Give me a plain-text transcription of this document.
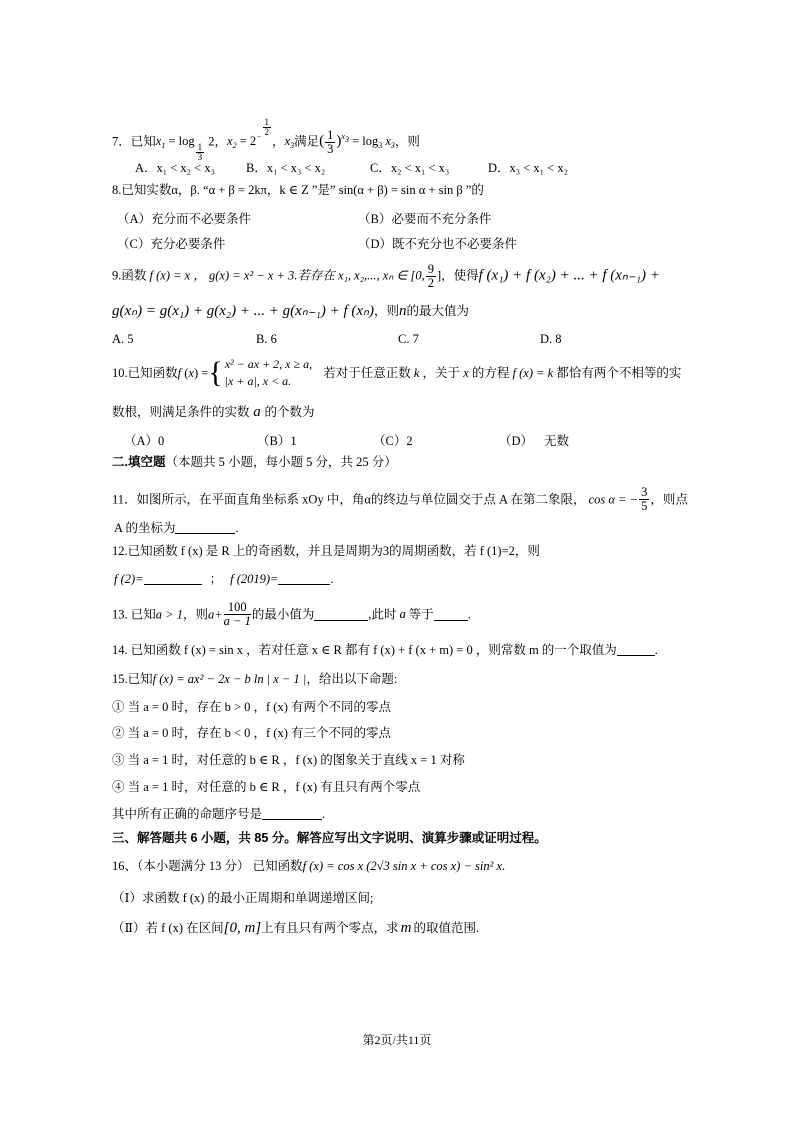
7．已知$x_1 = \log$
$\frac{1}{3}$
2，$x_2 = 2^{- \frac{1}{2}}$
，$x_3$满足( $\frac{1}{3} )^{x_3} = \log_3 x_3$，则
A．x₁ < x₂ < x₃ B．x₁ < x₃ < x₂	C．x₂ < x₁ < x₃	D．x₃ < x₁ < x₂
8.已知实数α，β. “α + β = 2kπ，k ∈ Z ”是” sin(α + β) = sin α + sin β ”的
（A）充分而不必要条件	（B）必要而不充分条件
（C）充分必要条件	（D）既不充分也不必要条件
9.函数 f (x) = x ， g(x) = x² − x + 3.若存在 x₁, x₂,..., xₙ ∈ [0, $\frac{9}{2}$ ]，使得f (x₁) + f (x₂) + ... + f (xₙ₋₁) +
g(xₙ) = g(x₁) + g(x₂) + ... + g(xₙ₋₁) + f (xₙ)，则n的最大值为
A. 5	B. 6	C. 7	D. 8
10.已知函数f (x) ={ x² − ax + 2, x ≥ a,
|x + a|, x < a.
若对于任意正数 k ，关于 x 的方程 f (x) = k 都恰有两个不相等的实
数根，则满足条件的实数 a 的个数为
（A）0	（B）1	（C）2	（D） 无数
二.填空题（本题共 5 小题，每小题 5 分，共 25 分）
11．如图所示，在平面直角坐标系 xOy 中，角α的终边与单位圆交于点 A 在第二象限， cos α = − $\frac{3}{5}$ ，则点
A 的坐标为	.
12.已知函数 f (x) 是 R 上的奇函数，并且是周期为3的周期函数，若 f (1)=2，则
f (2)=	； f (2019)=	.
13. 已知a > 1，则$a+ \frac{100}{a - 1}$ 的最小值为	,此时 a 等于	.
14. 已知函数 f (x) = sin x ，若对任意 x ∈ R 都有 f (x) + f (x + m) = 0 ，则常数 m 的一个取值为	.
15.已知f (x) = ax² − 2x − b ln | x − 1 |，给出以下命题:
① 当 a = 0 时，存在 b > 0 ，f (x) 有两个不同的零点
② 当 a = 0 时，存在 b < 0 ，f (x) 有三个不同的零点
③ 当 a = 1 时，对任意的 b ∈ R ，f (x) 的图象关于直线 x = 1 对称
④ 当 a = 1 时，对任意的 b ∈ R ，f (x) 有且只有两个零点
其中所有正确的命题序号是	.
三、解答题共 6 小题，共 85 分。解答应写出文字说明、演算步骤或证明过程。
16、（本小题满分 13 分） 已知函数f (x) = cos x (2√3 sin x + cos x) − sin² x.
（Ⅰ）求函数 f (x) 的最小正周期和单调递增区间;
（Ⅱ）若 f (x) 在区间[0, m]上有且只有两个零点，求 m 的取值范围.
第2页/共11页
